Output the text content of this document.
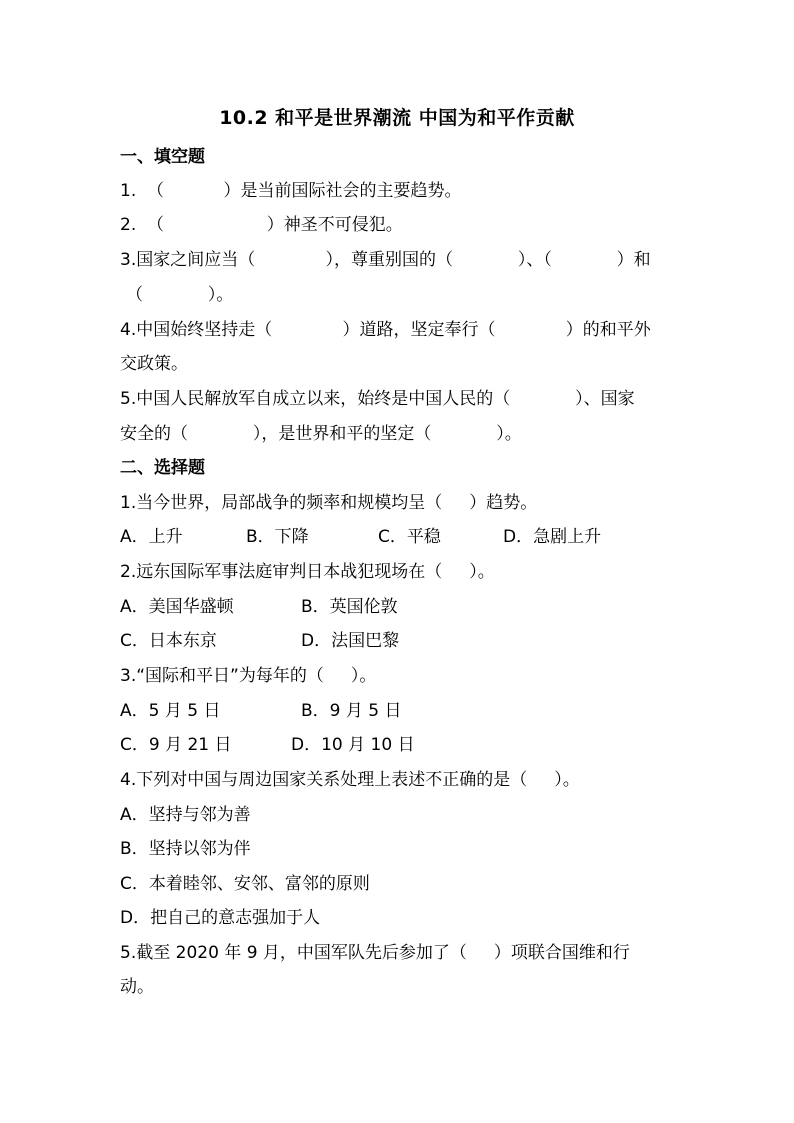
10.2 和平是世界潮流 中国为和平作贡献
一、填空题
1.  （           ）是当前国际社会的主要趋势。
2.  （                   ）神圣不可侵犯。
3.国家之间应当（             ），尊重别国的（            ）、（            ）和
（            ）。
4.中国始终坚持走（             ）道路，坚定奉行（             ）的和平外
交政策。
5.中国人民解放军自成立以来，始终是中国人民的（            ）、国家
安全的（            ），是世界和平的坚定（            ）。
二、选择题
1.当今世界，局部战争的频率和规模均呈（     ）趋势。
A．上升	B．下降	C．平稳	D．急剧上升
2.远东国际军事法庭审判日本战犯现场在（     ）。
A．美国华盛顿	B．英国伦敦
C．日本东京	D．法国巴黎
3.“国际和平日”为每年的（     ）。
A．5 月 5 日	B．9 月 5 日
C．9 月 21 日	D．10 月 10 日
4.下列对中国与周边国家关系处理上表述不正确的是（     ）。
A．坚持与邻为善
B．坚持以邻为伴
C．本着睦邻、安邻、富邻的原则
D．把自己的意志强加于人
5.截至 2020 年 9 月，中国军队先后参加了（     ）项联合国维和行
动。
